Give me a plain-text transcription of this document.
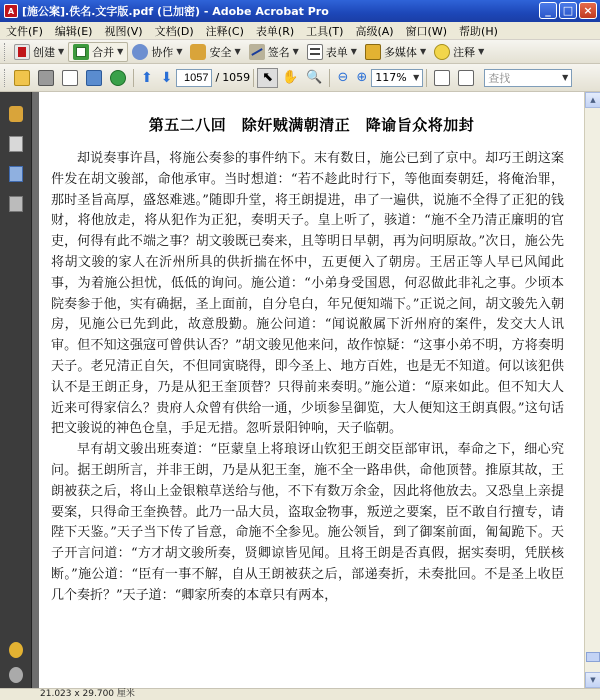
A [施公案].佚名.文字版.pdf (已加密) - Adobe Acrobat Pro	_	□ ×
文件(F)	编辑(E)	视图(V)	文档(D)	注释(C)	表单(R)	工具(T)	高级(A)	窗口(W)	帮助(H)
创建 ▼	合并 ▼	协作 ▼ 安全 ▼ 签名 ▼ 表单 ▼ 多媒体 ▼ 注释 ▼
⬆ ⬇
1057	/ 1059 ⬉ ✋ 🔍 ⊖ ⊕ 117% ▼	查找	▼
第五二八回　除奸贼满朝清正　降谕旨众将加封

却说奏事许昌，将施公奏参的事件纳下。末有数日，施公已到了京中。却巧王朗这案件发在胡文骏部，命他承审。当时想道：“若不趁此时行下，等他面奏朝廷，将俺治罪，那时圣旨高厚，盛怒难逃。”随即升堂，将王朗提进，串了一遍供，说施不全得了正犯的钱财，将他放走，将从犯作为正犯，奏明天子。皇上听了，骇道：“施不全乃清正廉明的官吏，何得有此不端之事？胡文骏既已奏来，且等明日早朝，再为问明原故。”次日，施公先将胡文骏的家人在沂州所具的供折揣在怀中，五更便入了朝房。王居正等人早已风闻此事，为着施公担忧，低低的询问。施公道：“小弟身受国恩，何忍做此非礼之事。少顷本院奏参于他，实有确据，圣上面前，自分皂白，年兄便知端下。”正说之间，胡文骏先入朝房，见施公已先到此，故意殷勤。施公问道：“闻说敝属下沂州府的案件，发交大人讯审。但不知这强寇可曾供认否？”胡文骏见他来问，故作惊疑：“这事小弟不明，方将奏明天子。老兄清正自矢，不但同寅晓得，即今圣上、地方百姓，也是无不知道。何以该犯供认不是王朗正身，乃是从犯王奎顶替？只得前来奏明。”施公道：“原来如此。但不知大人近来可得家信么？贵府人众曾有供给一通，少顷参呈御览，大人便知这王朗真假。”这句话把文骏说的神色仓皇，手足无措。忽听景阳钟响，天子临朝。

早有胡文骏出班奏道：“臣蒙皇上将琅讶山钦犯王朗交臣部审讯，奉命之下，细心究问。据王朗所言，并非王朗，乃是从犯王奎，施不全一路串供，命他顶替。推原其故，王朗被获之后，将山上金银粮草送给与他，不下有数万余金，因此将他放去。又恐皇上亲提要案，只得命王奎换替。此乃一品大员，盗取金物事，叛逆之要案，臣不敢自行擅专，请陛下天鉴。”天子当下传了旨意，命施不全参见。施公领旨，到了御案前面，匍匐跪下。天子开言问道：“方才胡文骏所奏，贤卿谅皆见闻。且将王朗是否真假，据实奏明，凭朕核断。”施公道：“臣有一事不解，自从王朗被获之后，部递奏折，未奏批回。不是圣上收臣几个奏折？”天子道：“卿家所奏的本章只有两本，

▲
▼
21.023 x 29.700 厘米
